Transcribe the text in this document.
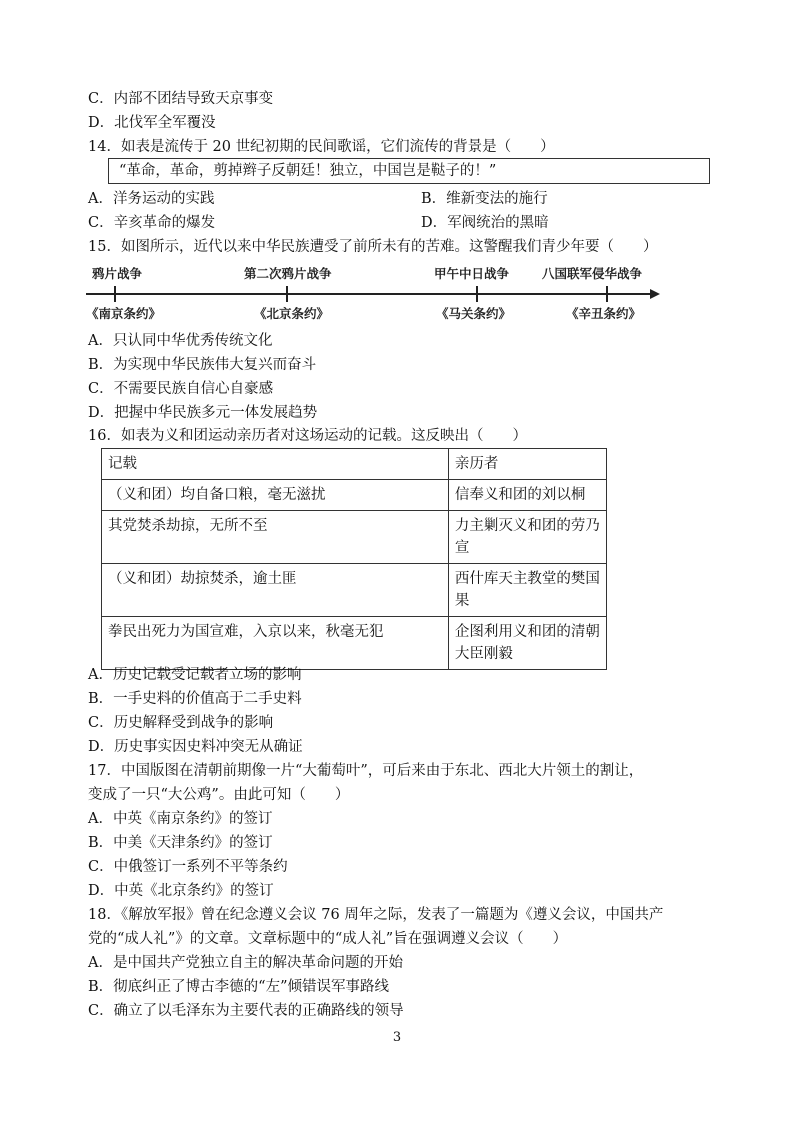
C．内部不团结导致天京事变
D．北伐军全军覆没
14．如表是流传于 20 世纪初期的民间歌谣，它们流传的背景是（　　）
“革命，革命，剪掉辫子反朝廷！独立，中国岂是鞑子的！”
A．洋务运动的实践	B．维新变法的施行
C．辛亥革命的爆发	D．军阀统治的黑暗
15．如图所示，近代以来中华民族遭受了前所未有的苦难。这警醒我们青少年要（　　）
鸦片战争	第二次鸦片战争	甲午中日战争	八国联军侵华战争
《南京条约》	《北京条约》	《马关条约》	《辛丑条约》
A．只认同中华优秀传统文化
B．为实现中华民族伟大复兴而奋斗
C．不需要民族自信心自豪感
D．把握中华民族多元一体发展趋势
16．如表为义和团运动亲历者对这场运动的记载。这反映出（　　）
记载	亲历者
（义和团）均自备口粮，毫无滋扰	信奉义和团的刘以桐
其党焚杀劫掠，无所不至	力主剿灭义和团的劳乃宣
（义和团）劫掠焚杀，逾土匪	西什库天主教堂的樊国果
拳民出死力为国宣难，入京以来，秋毫无犯	企图利用义和团的清朝大臣刚毅
A．历史记载受记载者立场的影响
B．一手史料的价值高于二手史料
C．历史解释受到战争的影响
D．历史事实因史料冲突无从确证
17．中国版图在清朝前期像一片“大葡萄叶”，可后来由于东北、西北大片领土的割让，
变成了一只“大公鸡”。由此可知（　　）
A．中英《南京条约》的签订
B．中美《天津条约》的签订
C．中俄签订一系列不平等条约
D．中英《北京条约》的签订
18．《解放军报》曾在纪念遵义会议 76 周年之际，发表了一篇题为《遵义会议，中国共产
党的“成人礼”》的文章。文章标题中的“成人礼”旨在强调遵义会议（　　）
A．是中国共产党独立自主的解决革命问题的开始
B．彻底纠正了博古李德的“左”倾错误军事路线
C．确立了以毛泽东为主要代表的正确路线的领导
3
